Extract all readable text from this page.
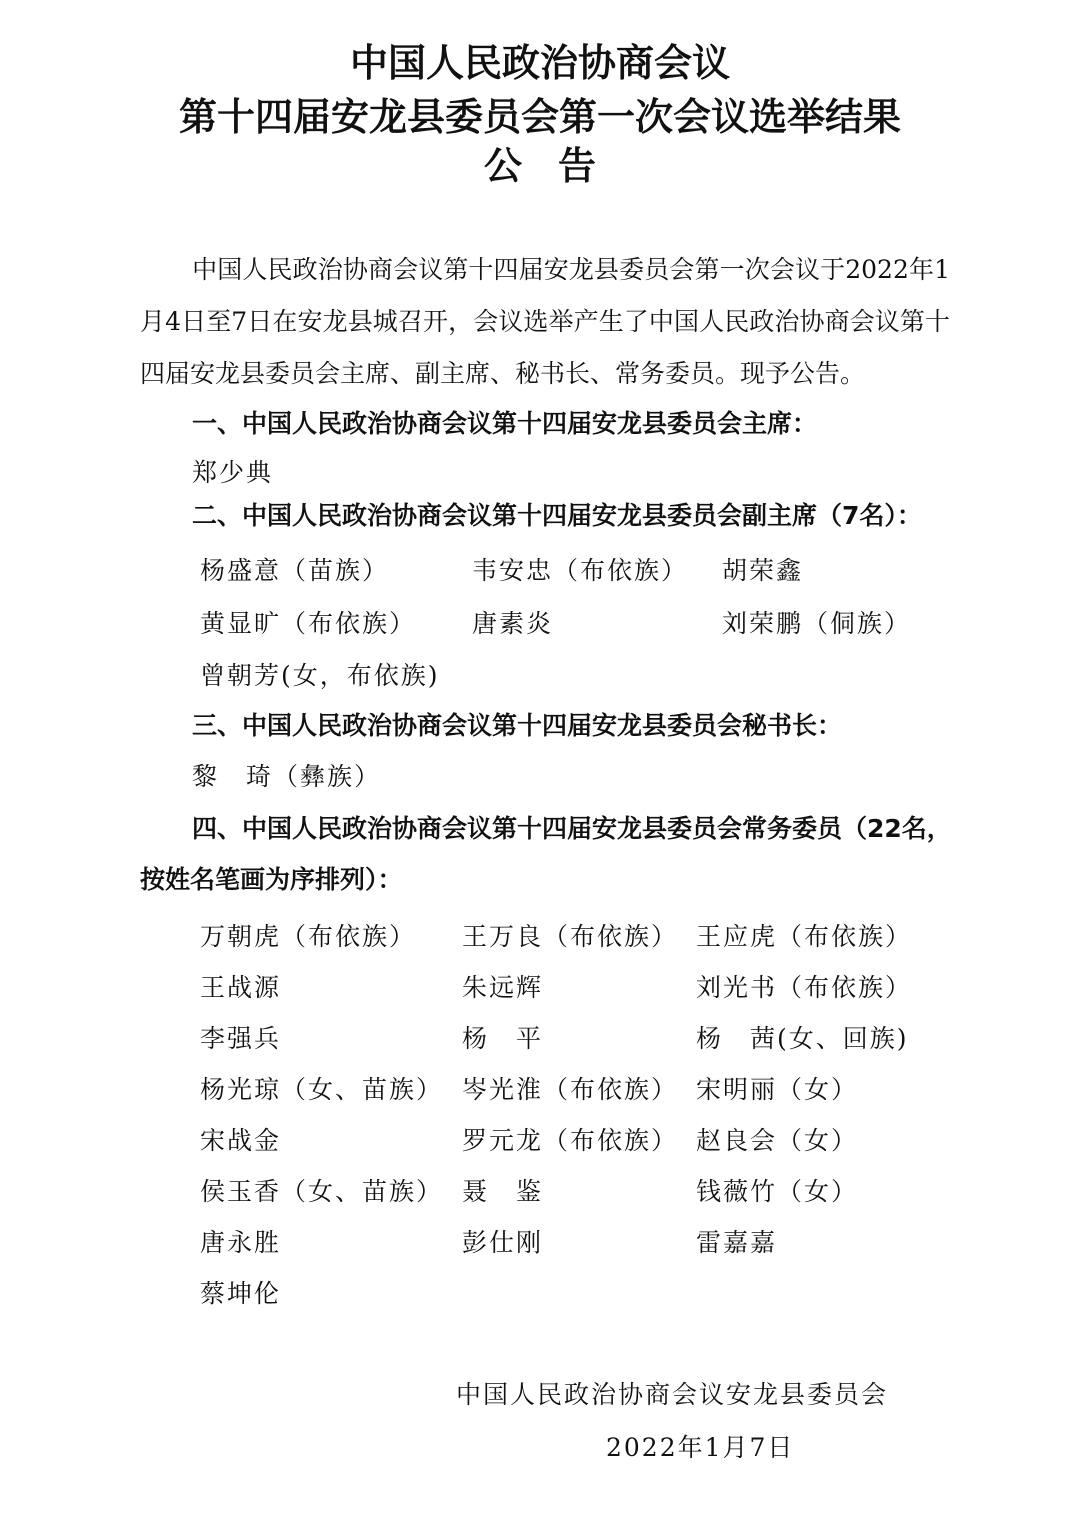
中国人民政治协商会议
第十四届安龙县委员会第一次会议选举结果
公告

中国人民政治协商会议第十四届安龙县委员会第一次会议于2022年1月4日至7日在安龙县城召开，会议选举产生了中国人民政治协商会议第十四届安龙县委员会主席、副主席、秘书长、常务委员。现予公告。

一、中国人民政治协商会议第十四届安龙县委员会主席：

郑少典

二、中国人民政治协商会议第十四届安龙县委员会副主席（7名）：

杨盛意（苗族）	韦安忠（布依族） 胡荣鑫

黄显旷（布依族） 唐素炎	刘荣鹏（侗族）

曾朝芳(女，布依族)

三、中国人民政治协商会议第十四届安龙县委员会秘书长：

黎　琦（彝族）

四、中国人民政治协商会议第十四届安龙县委员会常务委员（22名，

按姓名笔画为序排列）：

万朝虎（布依族） 王万良（布依族） 王应虎（布依族）

王战源	朱远辉	刘光书（布依族）

李强兵	杨　平	杨　茜(女、回族)

杨光琼（女、苗族） 岑光淮（布依族） 宋明丽（女）

宋战金	罗元龙（布依族） 赵良会（女）

侯玉香（女、苗族） 聂　鉴	钱薇竹（女）

唐永胜	彭仕刚	雷嘉嘉

蔡坤伦

中国人民政治协商会议安龙县委员会

2022年1月7日
